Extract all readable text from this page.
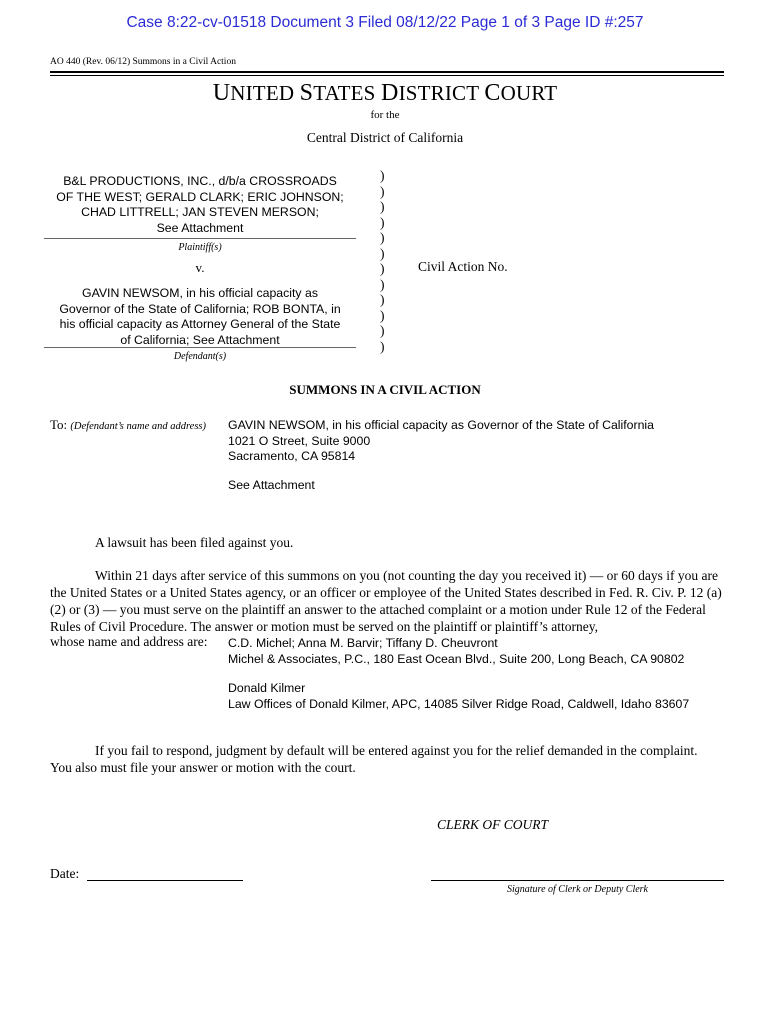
Case 8:22-cv-01518 Document 3 Filed 08/12/22 Page 1 of 3 Page ID #:257
AO 440 (Rev. 06/12) Summons in a Civil Action
UNITED STATES DISTRICT COURT
for the
Central District of California
B&L PRODUCTIONS, INC., d/b/a CROSSROADS
OF THE WEST; GERALD CLARK; ERIC JOHNSON;
CHAD LITTRELL; JAN STEVEN MERSON;
See Attachment
Plaintiff(s)
v.
GAVIN NEWSOM, in his official capacity as
Governor of the State of California; ROB BONTA, in
his official capacity as Attorney General of the State
of California; See Attachment
Defendant(s)
)
)
)
)
)
)
)
)
)
)
)
)
Civil Action No.
SUMMONS IN A CIVIL ACTION
To: (Defendant’s name and address) GAVIN NEWSOM, in his official capacity as Governor of the State of California
1021 O Street, Suite 9000
Sacramento, CA 95814
See Attachment
A lawsuit has been filed against you.
Within 21 days after service of this summons on you (not counting the day you received it) — or 60 days if you are the United States or a United States agency, or an officer or employee of the United States described in Fed. R. Civ. P. 12 (a)(2) or (3) — you must serve on the plaintiff an answer to the attached complaint or a motion under Rule 12 of the Federal Rules of Civil Procedure. The answer or motion must be served on the plaintiff or plaintiff’s attorney,
whose name and address are: C.D. Michel; Anna M. Barvir; Tiffany D. Cheuvront
Michel & Associates, P.C., 180 East Ocean Blvd., Suite 200, Long Beach, CA 90802
Donald Kilmer
Law Offices of Donald Kilmer, APC, 14085 Silver Ridge Road, Caldwell, Idaho 83607
If you fail to respond, judgment by default will be entered against you for the relief demanded in the complaint. You also must file your answer or motion with the court.
CLERK OF COURT
Date:
Signature of Clerk or Deputy Clerk
